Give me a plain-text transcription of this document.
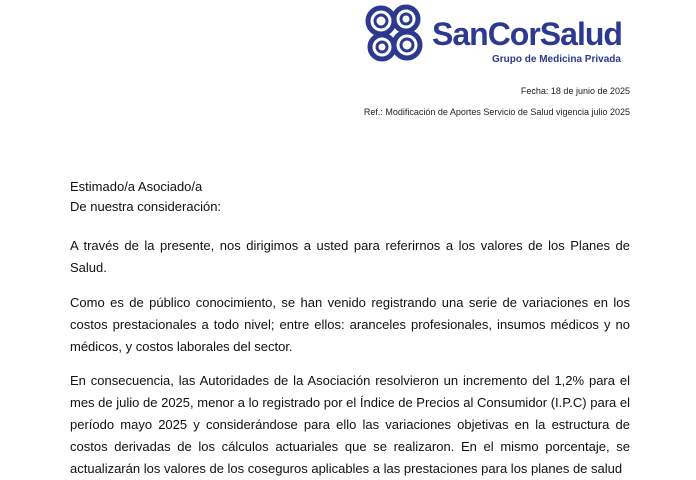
SanCorSalud
Grupo de Medicina Privada
Fecha: 18 de junio de 2025
Ref.: Modificación de Aportes Servicio de Salud vigencia julio 2025
Estimado/a Asociado/a
De nuestra consideración:
A través de la presente, nos dirigimos a usted para referirnos a los valores de los Planes de Salud.
Como es de público conocimiento, se han venido registrando una serie de variaciones en los costos prestacionales a todo nivel; entre ellos: aranceles profesionales, insumos médicos y no médicos, y costos laborales del sector.
En consecuencia, las Autoridades de la Asociación resolvieron un incremento del 1,2% para el mes de julio de 2025, menor a lo registrado por el Índice de Precios al Consumidor (I.P.C) para el período mayo 2025 y considerándose para ello las variaciones objetivas en la estructura de costos derivadas de los cálculos actuariales que se realizaron. En el mismo porcentaje, se actualizarán los valores de los coseguros aplicables a las prestaciones para los planes de salud
